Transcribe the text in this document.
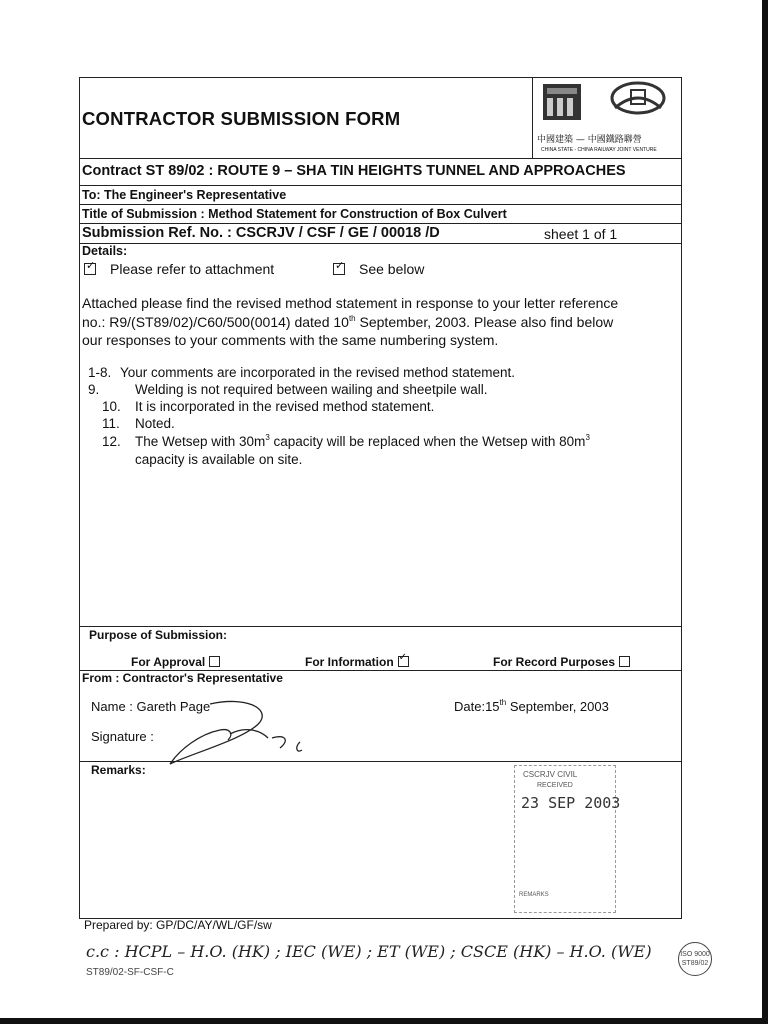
CONTRACTOR SUBMISSION FORM
中國建築 — 中國鐵路聯營
CHINA STATE - CHINA RAILWAY JOINT VENTURE
Contract ST 89/02 : ROUTE 9 – SHA TIN HEIGHTS TUNNEL AND APPROACHES
To: The Engineer's Representative
Title of Submission : Method Statement for Construction of Box Culvert
Submission Ref. No. : CSCRJV / CSF / GE / 00018 /D	sheet 1 of 1
Details:
✓Please refer to attachment ✓	See below
Attached please find the revised method statement in response to your letter reference
no.: R9/(ST89/02)/C60/500(0014) dated 10th September, 2003. Please also find below
our responses to your comments with the same numbering system.
1-8. Your comments are incorporated in the revised method statement.
9.	Welding is not required between wailing and sheetpile wall.
10. It is incorporated in the revised method statement.
11. Noted.
12. The Wetsep with $30m^3$ capacity will be replaced when the Wetsep with $80m^3$
capacity is available on site.
Purpose of Submission:
For Approval	For Information ✓	For Record Purposes
From : Contractor's Representative
Name : Gareth Page	Date:15th September, 2003
Signature :
Remarks:	CSCRJV CIVIL
RECEIVED
23 SEP 2003
REMARKS
Prepared by: GP/DC/AY/WL/GF/sw
c.c : HCPL – H.O. (HK) ; IEC (WE) ; ET (WE) ; CSCE (HK) – H.O. (WE)
ST89/02-SF-CSF-C
ISO 9000 ST89/02
